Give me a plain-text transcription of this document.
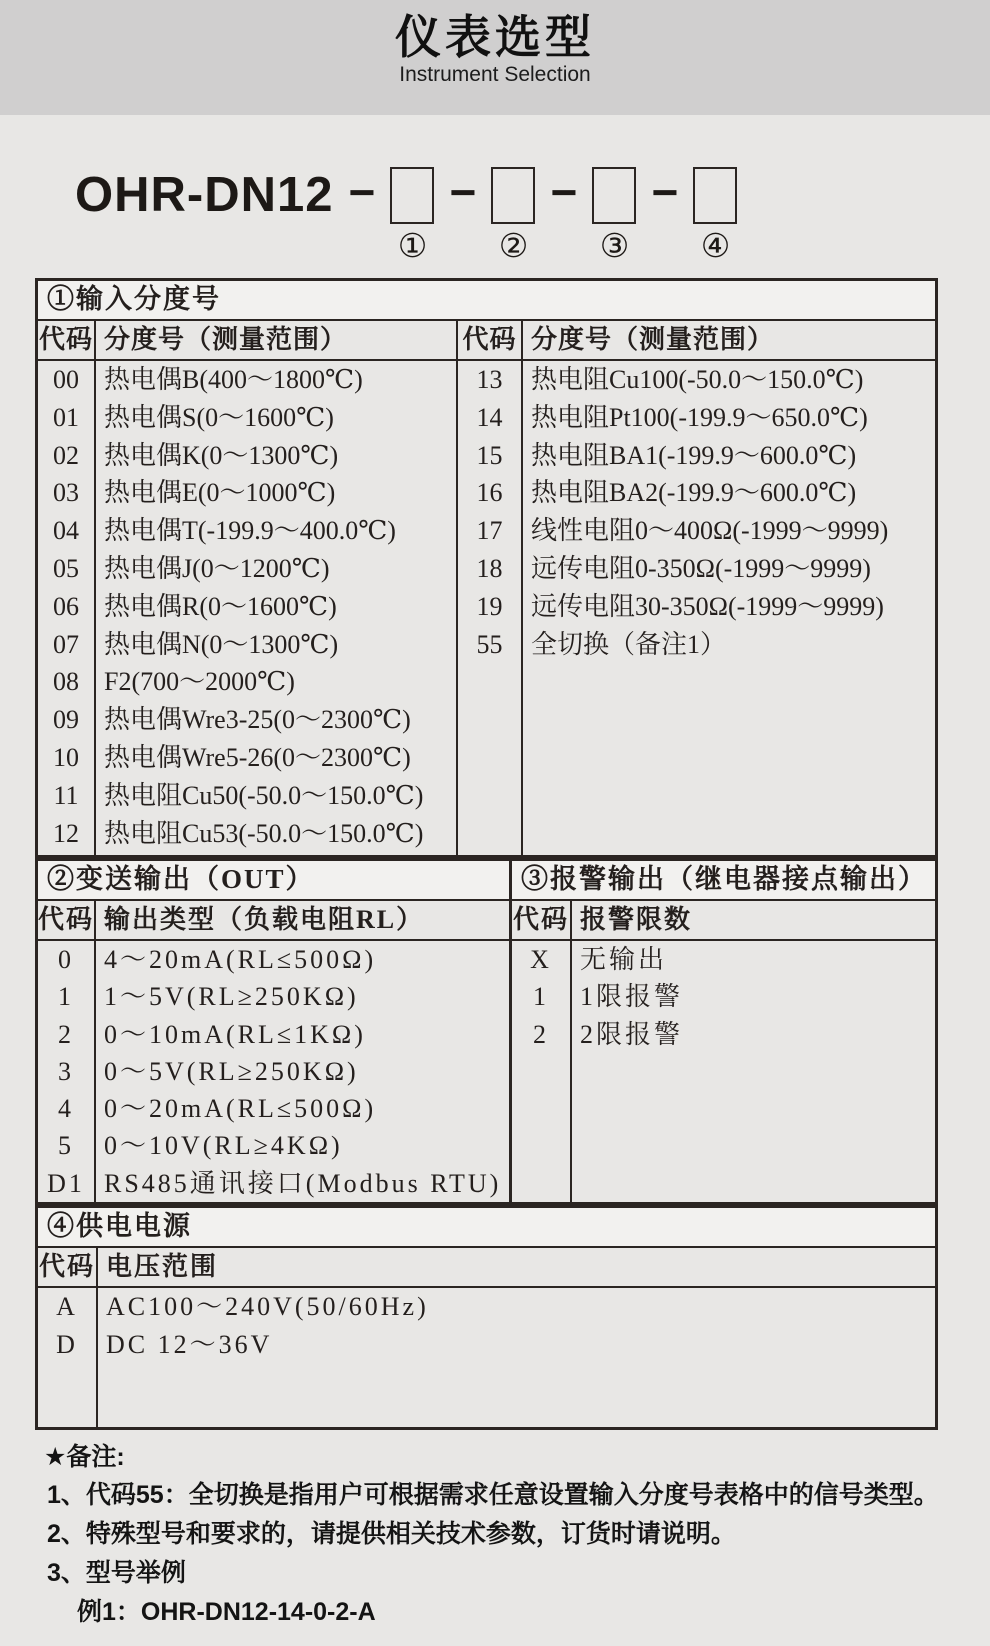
仪表选型
Instrument Selection
OHR-DN12 −
①
−
②
−
③
−
④
①输入分度号
代码
00
01
02
03
04
05
06
07
08
09
10
11
12
分度号（测量范围）
热电偶B(400～1800℃)
热电偶S(0～1600℃)
热电偶K(0～1300℃)
热电偶E(0～1000℃)
热电偶T(-199.9～400.0℃)
热电偶J(0～1200℃)
热电偶R(0～1600℃)
热电偶N(0～1300℃)
F2(700～2000℃)
热电偶Wre3-25(0～2300℃)
热电偶Wre5-26(0～2300℃)
热电阻Cu50(-50.0～150.0℃)
热电阻Cu53(-50.0～150.0℃)
代码
13
14
15
16
17
18
19
55
分度号（测量范围）
热电阻Cu100(-50.0～150.0℃)
热电阻Pt100(-199.9～650.0℃)
热电阻BA1(-199.9～600.0℃)
热电阻BA2(-199.9～600.0℃)
线性电阻0～400Ω(-1999～9999)
远传电阻0-350Ω(-1999～9999)
远传电阻30-350Ω(-1999～9999)
全切换（备注1）
②变送输出（OUT）
代码
0
1
2
3
4
5
D1
输出类型（负载电阻RL）
4～20mA(RL≤500Ω)
1～5V(RL≥250KΩ)
0～10mA(RL≤1KΩ)
0～5V(RL≥250KΩ)
0～20mA(RL≤500Ω)
0～10V(RL≥4KΩ)
RS485通讯接口(Modbus RTU)
③报警输出（继电器接点输出）
代码
X
1
2
报警限数
无输出
1限报警
2限报警
④供电电源
代码
A
D
电压范围
AC100～240V(50/60Hz)
DC 12～36V
★备注:
1、代码55：全切换是指用户可根据需求任意设置输入分度号表格中的信号类型。
2、特殊型号和要求的，请提供相关技术参数，订货时请说明。
3、型号举例
例1：OHR-DN12-14-0-2-A
